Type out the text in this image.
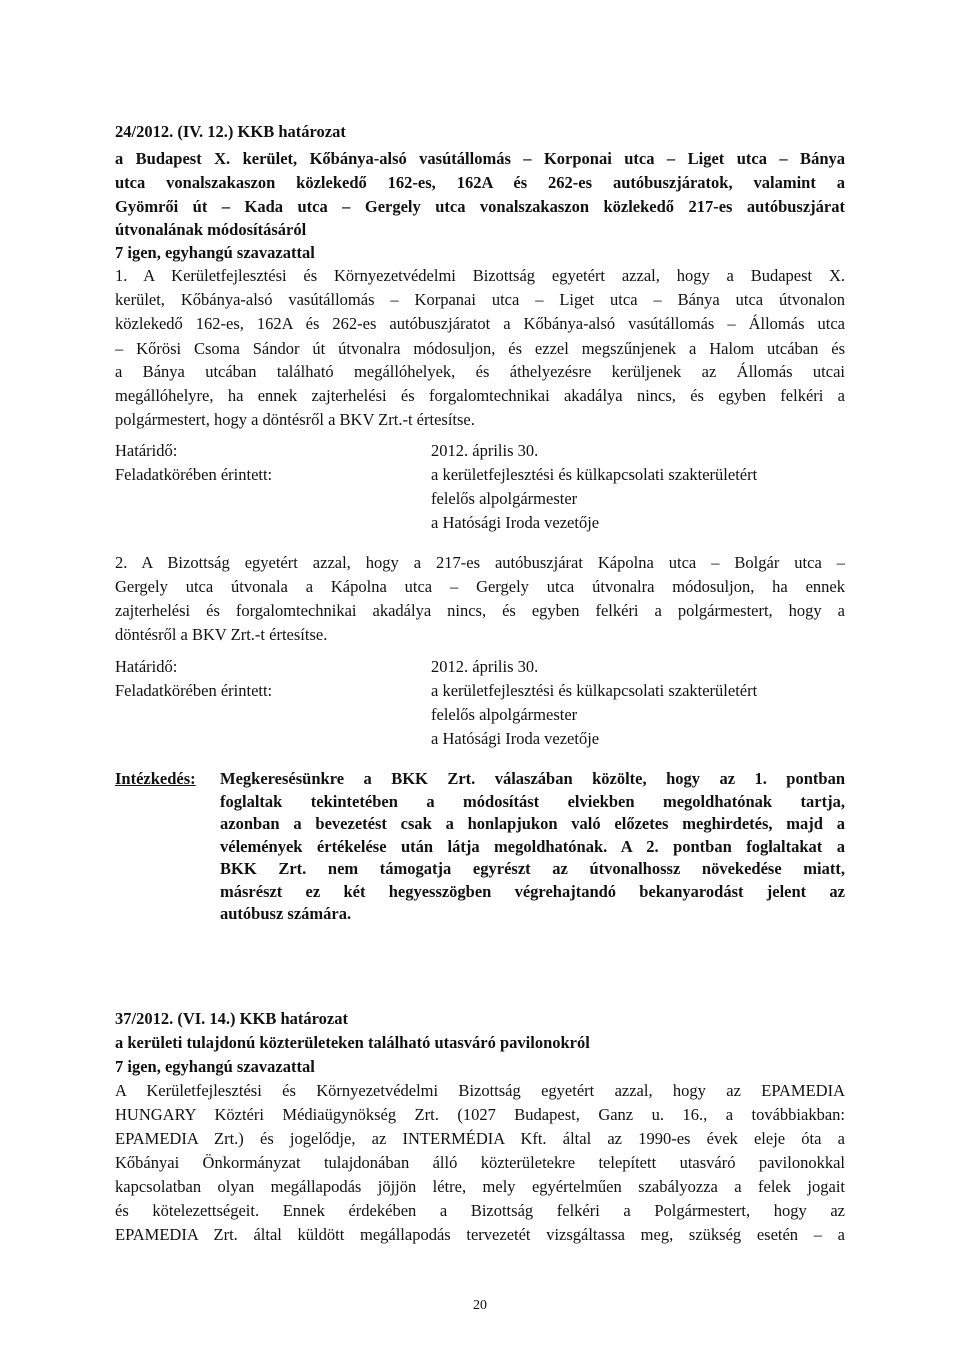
24/2012. (IV. 12.) KKB határozat
a Budapest X. kerület, Kőbánya-alsó vasútállomás – Korponai utca – Liget utca – Bánya
utca vonalszakaszon közlekedő 162-es, 162A és 262-es autóbuszjáratok, valamint a
Gyömrői út – Kada utca – Gergely utca vonalszakaszon közlekedő 217-es autóbuszjárat
útvonalának módosításáról
7 igen, egyhangú szavazattal
1. A Kerületfejlesztési és Környezetvédelmi Bizottság egyetért azzal, hogy a Budapest X.
kerület, Kőbánya-alsó vasútállomás – Korpanai utca – Liget utca – Bánya utca útvonalon
közlekedő 162-es, 162A és 262-es autóbuszjáratot a Kőbánya-alsó vasútállomás – Állomás utca
– Kőrösi Csoma Sándor út útvonalra módosuljon, és ezzel megszűnjenek a Halom utcában és
a Bánya utcában található megállóhelyek, és áthelyezésre kerüljenek az Állomás utcai
megállóhelyre, ha ennek zajterhelési és forgalomtechnikai akadálya nincs, és egyben felkéri a
polgármestert, hogy a döntésről a BKV Zrt.-t értesítse.
Határidő:	2012. április 30.
Feladatkörében érintett:	a kerületfejlesztési és külkapcsolati szakterületért
felelős alpolgármester
a Hatósági Iroda vezetője
2. A Bizottság egyetért azzal, hogy a 217-es autóbuszjárat Kápolna utca – Bolgár utca –
Gergely utca útvonala a Kápolna utca – Gergely utca útvonalra módosuljon, ha ennek
zajterhelési és forgalomtechnikai akadálya nincs, és egyben felkéri a polgármestert, hogy a
döntésről a BKV Zrt.-t értesítse.
Határidő:	2012. április 30.
Feladatkörében érintett:	a kerületfejlesztési és külkapcsolati szakterületért
felelős alpolgármester
a Hatósági Iroda vezetője
Intézkedés: Megkeresésünkre a BKK Zrt. válaszában közölte, hogy az 1. pontban
foglaltak tekintetében a módosítást elviekben megoldhatónak tartja,
azonban a bevezetést csak a honlapjukon való előzetes meghirdetés, majd a
vélemények értékelése után látja megoldhatónak. A 2. pontban foglaltakat a
BKK Zrt. nem támogatja egyrészt az útvonalhossz növekedése miatt,
másrészt ez két hegyesszögben végrehajtandó bekanyarodást jelent az
autóbusz számára.
37/2012. (VI. 14.) KKB határozat
a kerületi tulajdonú közterületeken található utasváró pavilonokról
7 igen, egyhangú szavazattal
A Kerületfejlesztési és Környezetvédelmi Bizottság egyetért azzal, hogy az EPAMEDIA
HUNGARY Köztéri Médiaügynökség Zrt. (1027 Budapest, Ganz u. 16., a továbbiakban:
EPAMEDIA Zrt.) és jogelődje, az INTERMÉDIA Kft. által az 1990-es évek eleje óta a
Kőbányai Önkormányzat tulajdonában álló közterületekre telepített utasváró pavilonokkal
kapcsolatban olyan megállapodás jöjjön létre, mely egyértelműen szabályozza a felek jogait
és kötelezettségeit. Ennek érdekében a Bizottság felkéri a Polgármestert, hogy az
EPAMEDIA Zrt. által küldött megállapodás tervezetét vizsgáltassa meg, szükség esetén – a
20
